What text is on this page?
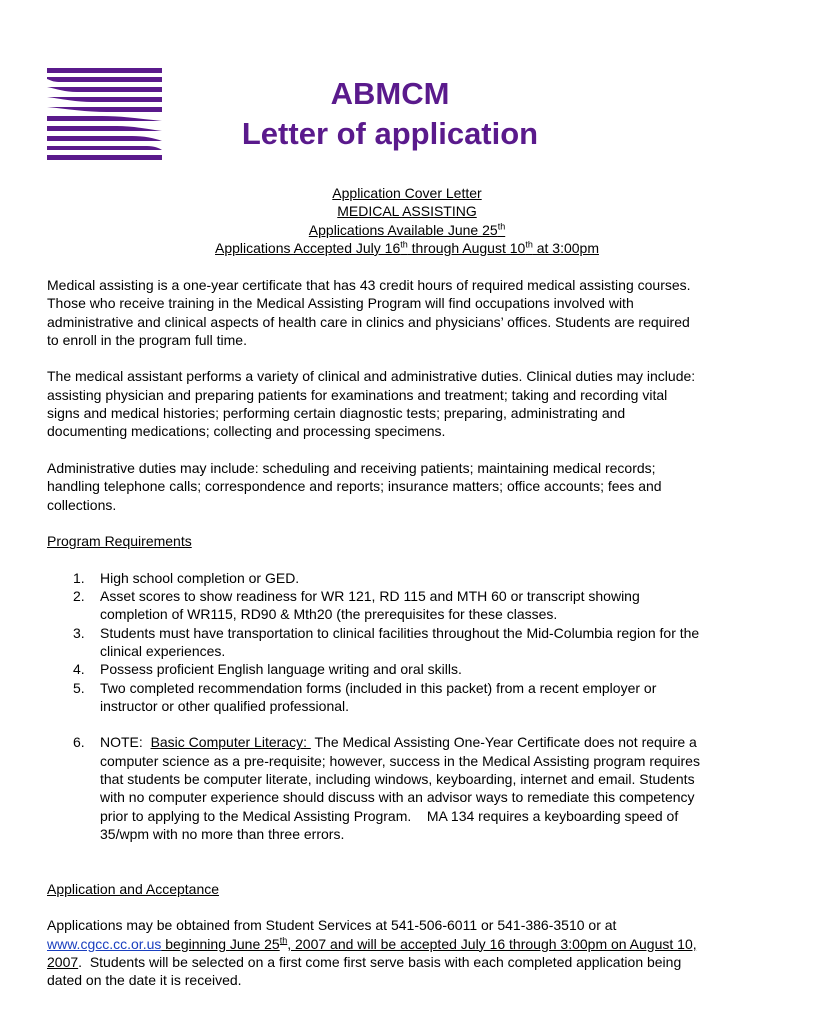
ABMCM
Letter of application
Application Cover Letter
MEDICAL ASSISTING
Applications Available June 25th
Applications Accepted July 16th through August 10th at 3:00pm

Medical assisting is a one-year certificate that has 43 credit hours of required medical assisting courses.
Those who receive training in the Medical Assisting Program will find occupations involved with
administrative and clinical aspects of health care in clinics and physicians’ offices. Students are required
to enroll in the program full time.

The medical assistant performs a variety of clinical and administrative duties. Clinical duties may include:
assisting physician and preparing patients for examinations and treatment; taking and recording vital
signs and medical histories; performing certain diagnostic tests; preparing, administrating and
documenting medications; collecting and processing specimens.

Administrative duties may include: scheduling and receiving patients; maintaining medical records;
handling telephone calls; correspondence and reports; insurance matters; office accounts; fees and
collections.

Program Requirements

1. High school completion or GED.
2. Asset scores to show readiness for WR 121, RD 115 and MTH 60 or transcript showing
completion of WR115, RD90 & Mth20 (the prerequisites for these classes.
3. Students must have transportation to clinical facilities throughout the Mid-Columbia region for the
clinical experiences.
4. Possess proficient English language writing and oral skills.
5. Two completed recommendation forms (included in this packet) from a recent employer or
instructor or other qualified professional.
6. NOTE:  Basic Computer Literacy:  The Medical Assisting One-Year Certificate does not require a
computer science as a pre-requisite; however, success in the Medical Assisting program requires
that students be computer literate, including windows, keyboarding, internet and email. Students
with no computer experience should discuss with an advisor ways to remediate this competency
prior to applying to the Medical Assisting Program.    MA 134 requires a keyboarding speed of
35/wpm with no more than three errors.

Application and Acceptance

Applications may be obtained from Student Services at 541-506-6011 or 541-386-3510 or at
www.cgcc.cc.or.us beginning June 25th, 2007 and will be accepted July 16 through 3:00pm on August 10,
2007.  Students will be selected on a first come first serve basis with each completed application being
dated on the date it is received.
